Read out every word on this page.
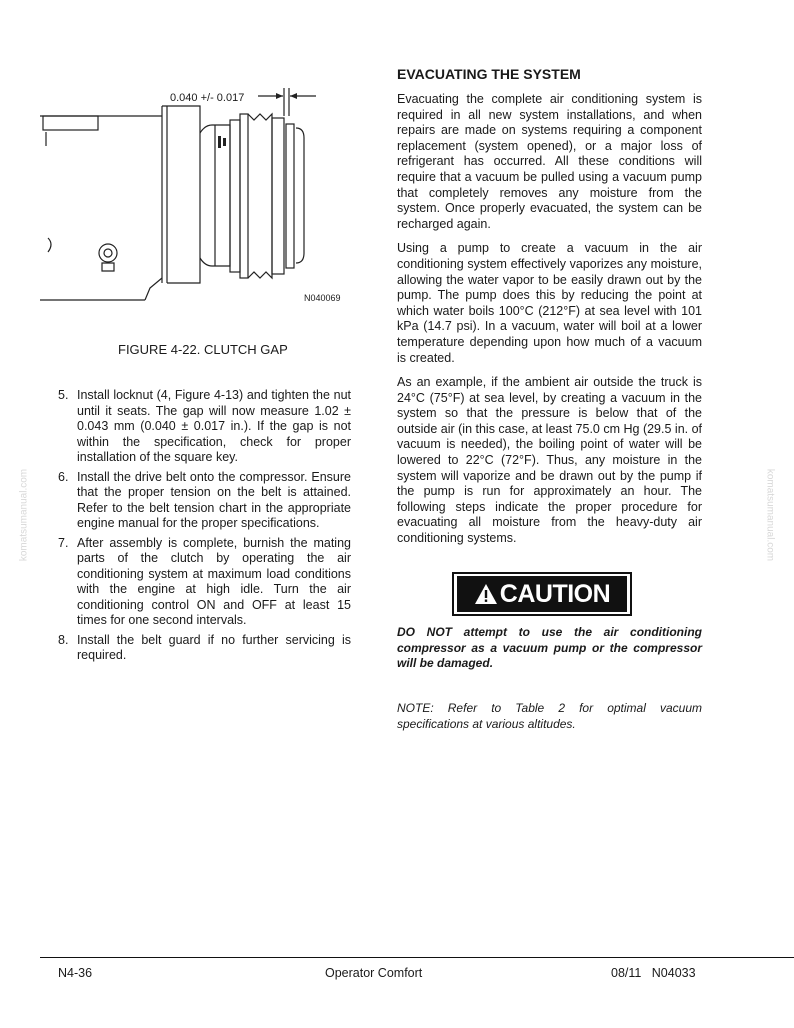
0.040 +/- 0.017
N040069
FIGURE 4-22. CLUTCH GAP
5. Install locknut (4, Figure 4-13) and tighten the nut until it seats. The gap will now measure 1.02 ± 0.043 mm (0.040 ± 0.017 in.). If the gap is not within the specification, check for proper installation of the square key.
6. Install the drive belt onto the compressor. Ensure that the proper tension on the belt is attained. Refer to the belt tension chart in the appropriate engine manual for the proper specifications.
7. After assembly is complete, burnish the mating parts of the clutch by operating the air conditioning system at maximum load conditions with the engine at high idle. Turn the air conditioning control ON and OFF at least 15 times for one second intervals.
8. Install the belt guard if no further servicing is required.
EVACUATING THE SYSTEM

Evacuating the complete air conditioning system is required in all new system installations, and when repairs are made on systems requiring a component replacement (system opened), or a major loss of refrigerant has occurred. All these conditions will require that a vacuum be pulled using a vacuum pump that completely removes any moisture from the system. Once properly evacuated, the system can be recharged again.

Using a pump to create a vacuum in the air conditioning system effectively vaporizes any moisture, allowing the water vapor to be easily drawn out by the pump. The pump does this by reducing the point at which water boils 100°C (212°F) at sea level with 101 kPa (14.7 psi). In a vacuum, water will boil at a lower temperature depending upon how much of a vacuum is created.

As an example, if the ambient air outside the truck is 24°C (75°F) at sea level, by creating a vacuum in the system so that the pressure is below that of the outside air (in this case, at least 75.0 cm Hg (29.5 in. of vacuum is needed), the boiling point of water will be lowered to 22°C (72°F). Thus, any moisture in the system will vaporize and be drawn out by the pump if the pump is run for approximately an hour. The following steps indicate the proper procedure for evacuating all moisture from the heavy-duty air conditioning systems.

CAUTION
DO NOT attempt to use the air conditioning compressor as a vacuum pump or the compressor will be damaged.
NOTE: Refer to Table 2 for optimal vacuum specifications at various altitudes.
komatsumanual.com	komatsumanual.com
N4-36	Operator Comfort	08/11   N04033
